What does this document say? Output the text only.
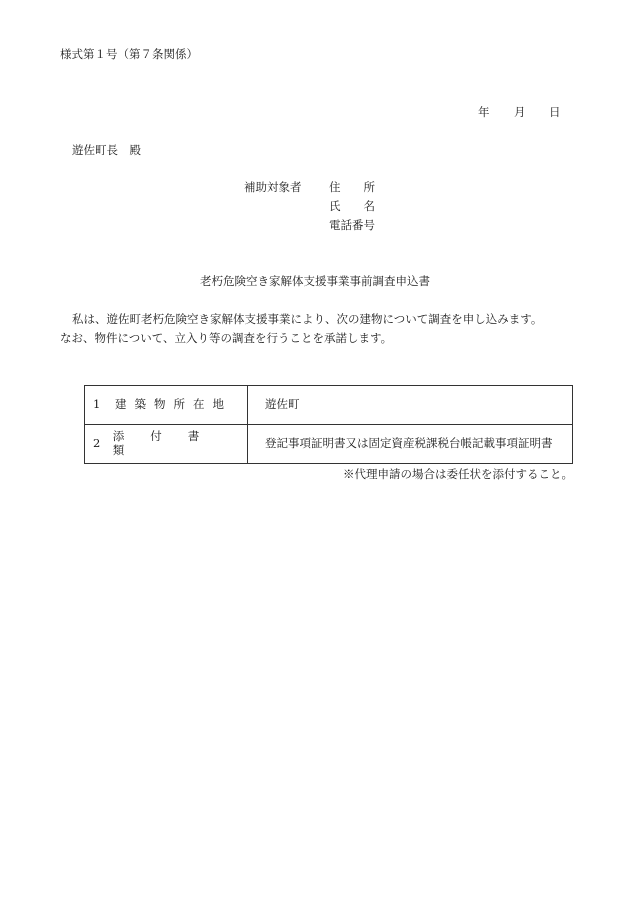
様式第１号（第７条関係）
年 月 日
遊佐町長　殿
補助対象者 住　　所
氏　　名
電話番号
老朽危険空き家解体支援事業事前調査申込書
私は、遊佐町老朽危険空き家解体支援事業により、次の建物について調査を申し込みます。
なお、物件について、立入り等の調査を行うことを承諾します。
1 建築物所在地	遊佐町

2 添付書類	登記事項証明書又は固定資産税課税台帳記載事項証明書
※代理申請の場合は委任状を添付すること。
